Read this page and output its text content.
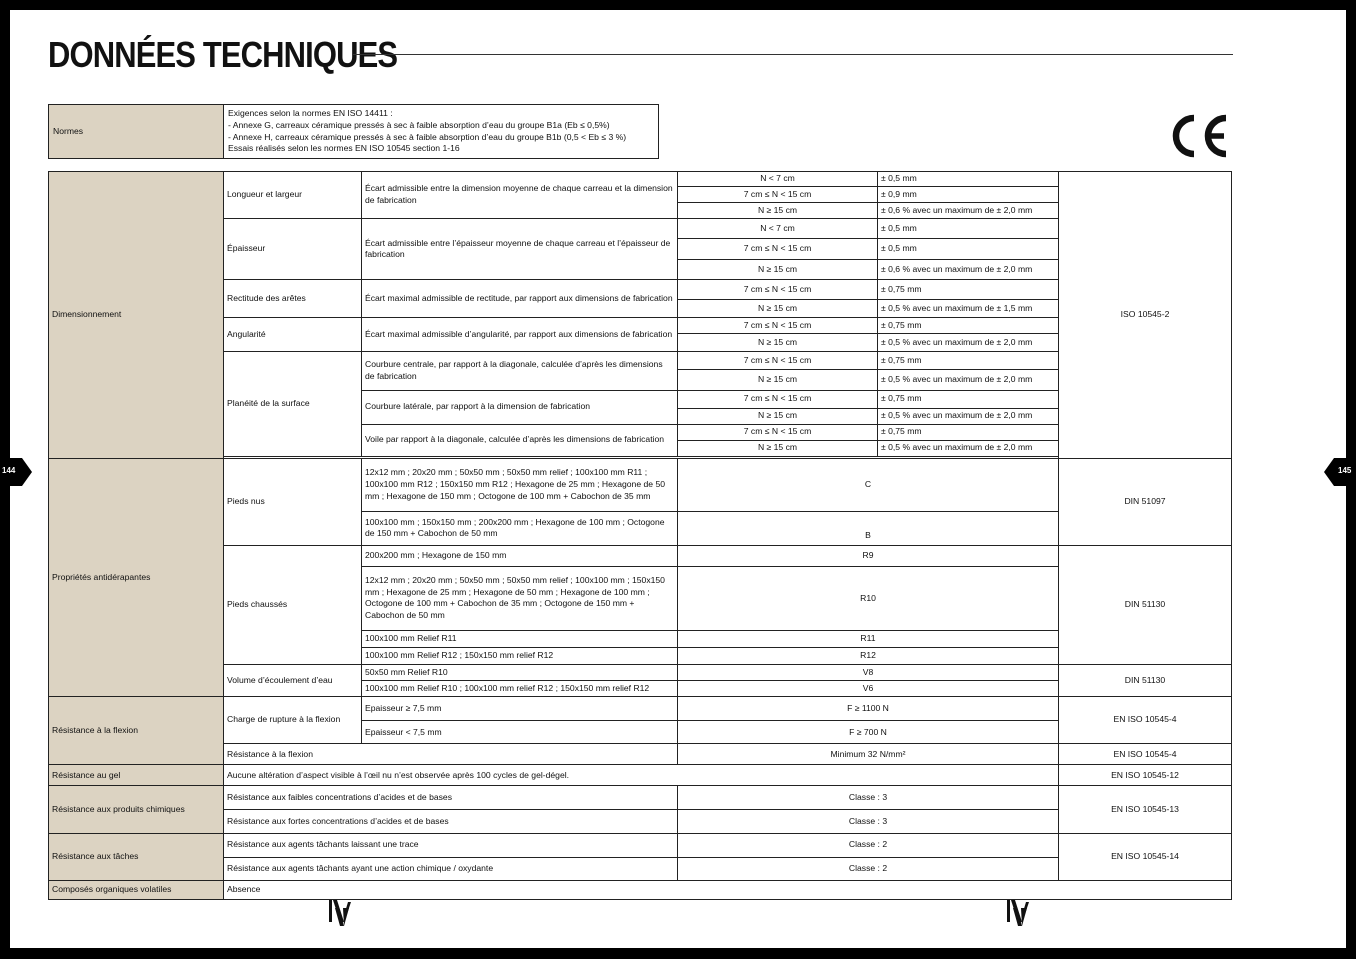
DONNÉES TECHNIQUES
Normes	
Exigences selon la normes EN ISO 14411 :
- Annexe G, carreaux céramique pressés à sec à faible absorption d’eau du groupe B1a (Eb ≤ 0,5%)
- Annexe H, carreaux céramique pressés à sec à faible absorption d’eau du groupe B1b (0,5 < Eb ≤ 3 %)
Essais réalisés selon les normes EN ISO 10545 section 1-16
Dimensionnement	Longueur et largeur	Écart admissible entre la dimension moyenne de chaque carreau et la dimension de fabrication	N < 7 cm	± 0,5 mm	ISO 10545-2
			7 cm ≤ N < 15 cm	± 0,9 mm	
			N ≥ 15 cm	± 0,6 % avec un maximum de ± 2,0 mm	
	Épaisseur	Écart admissible entre l’épaisseur moyenne de chaque carreau et l’épaisseur de fabrication	N < 7 cm	± 0,5 mm	
			7 cm ≤ N < 15 cm	± 0,5 mm	
			N ≥ 15 cm	± 0,6 % avec un maximum de ± 2,0 mm	
	Rectitude des arêtes	Écart maximal admissible de rectitude, par rapport aux dimensions de fabrication	7 cm ≤ N < 15 cm	± 0,75 mm	
			N ≥ 15 cm	± 0,5 % avec un maximum de ± 1,5 mm	
	Angularité	Écart maximal admissible d’angularité, par rapport aux dimensions de fabrication	7 cm ≤ N < 15 cm	± 0,75 mm	
			N ≥ 15 cm	± 0,5 % avec un maximum de ± 2,0 mm	
	Planéité de la surface	Courbure centrale, par rapport à la diagonale, calculée d’après les dimensions de fabrication	7 cm ≤ N < 15 cm	± 0,75 mm	
			N ≥ 15 cm	± 0,5 % avec un maximum de ± 2,0 mm	
		Courbure latérale, par rapport à la dimension de fabrication	7 cm ≤ N < 15 cm	± 0,75 mm	
			N ≥ 15 cm	± 0,5 % avec un maximum de ± 2,0 mm	
		Voile par rapport à la diagonale, calculée d’après les dimensions de fabrication	7 cm ≤ N < 15 cm	± 0,75 mm	
			N ≥ 15 cm	± 0,5 % avec un maximum de ± 2,0 mm	

Propriétés antidérapantes	Pieds nus	12x12 mm ; 20x20 mm ; 50x50 mm ; 50x50 mm relief ; 100x100 mm R11 ; 100x100 mm R12 ; 150x150 mm R12 ; Hexagone de 25 mm ; Hexagone de 50 mm ; Hexagone de 150 mm ; Octogone de 100 mm + Cabochon de 35 mm	C		DIN 51097
		100x100 mm ; 150x150 mm ; 200x200 mm ; Hexagone de 100 mm ; Octogone de 150 mm + Cabochon de 50 mm	B		
	Pieds chaussés	200x200 mm ; Hexagone de 150 mm	R9		DIN 51130
		12x12 mm ; 20x20 mm ; 50x50 mm ; 50x50 mm relief ; 100x100 mm ; 150x150 mm ; Hexagone de 25 mm ; Hexagone de 50 mm ; Hexagone de 100 mm ; Octogone de 100 mm + Cabochon de 35 mm ; Octogone de 150 mm + Cabochon de 50 mm	R10		
		100x100 mm Relief R11	R11		
		100x100 mm Relief R12 ; 150x150 mm relief R12	R12		
	Volume d’écoulement d’eau	50x50 mm Relief R10	V8		DIN 51130
		100x100 mm Relief R10 ; 100x100 mm relief R12 ; 150x150 mm relief R12	V6		
Résistance à la flexion	Charge de rupture à la flexion	Epaisseur ≥ 7,5 mm	F ≥ 1100 N		EN ISO 10545-4
		Epaisseur < 7,5 mm	F ≥ 700 N		
	Résistance à la flexion		Minimum 32 N/mm²		EN ISO 10545-4
Résistance au gel	Aucune altération d’aspect visible à l’œil nu n’est observée après 100 cycles de gel-dégel.				EN ISO 10545-12
Résistance aux produits chimiques	Résistance aux faibles concentrations d’acides et de bases		Classe : 3		EN ISO 10545-13
	Résistance aux fortes concentrations d’acides et de bases		Classe : 3		
Résistance aux tâches	Résistance aux agents tâchants laissant une trace		Classe : 2		EN ISO 10545-14
	Résistance aux agents tâchants ayant une action chimique / oxydante		Classe : 2		
Composés organiques volatiles	Absence				
144	145
